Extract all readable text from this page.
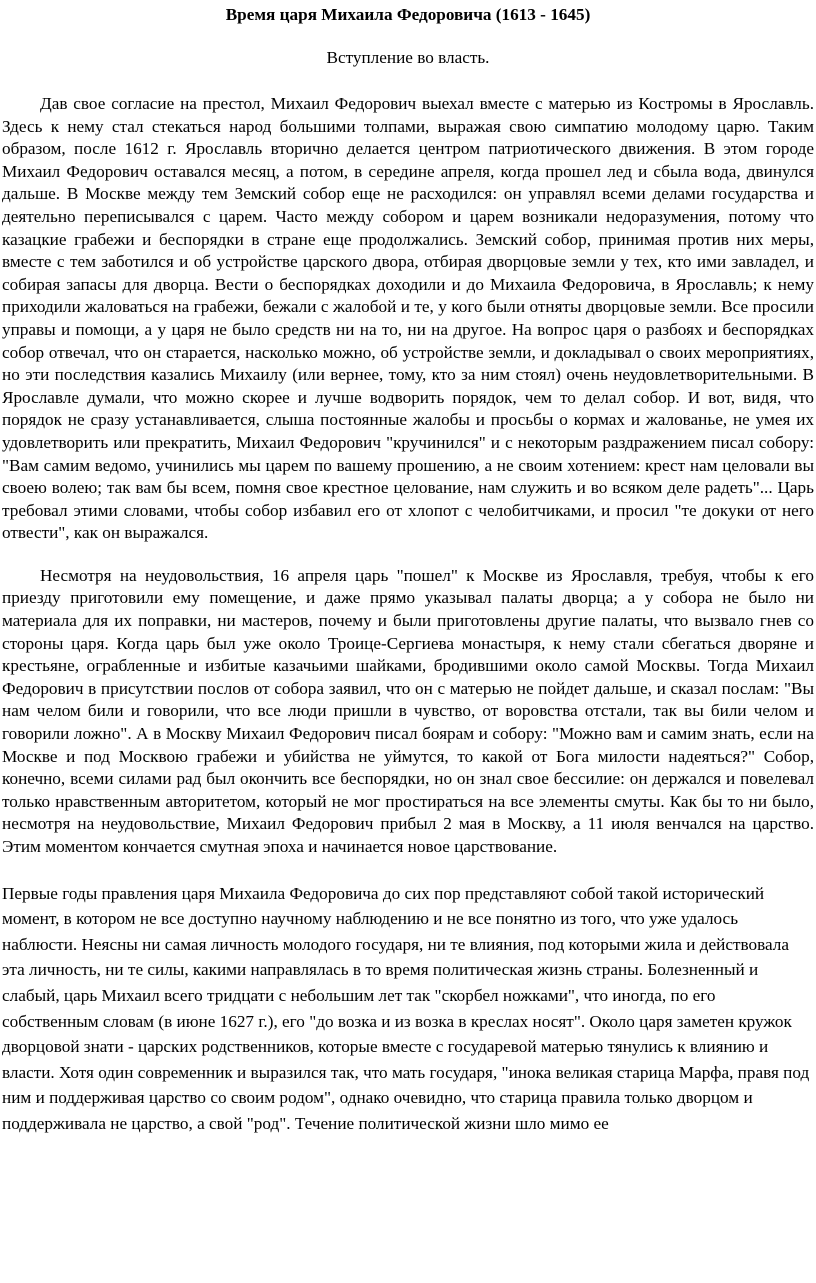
Время царя Михаила Федоровича (1613 - 1645)

Вступление во власть.

Дав свое согласие на престол, Михаил Федорович выехал вместе с матерью из Костромы в Ярославль. Здесь к нему стал стекаться народ большими толпами, выражая свою симпатию молодому царю. Таким образом, после 1612 г. Ярославль вторично делается центром патриотического движения. В этом городе Михаил Федорович оставался месяц, а потом, в середине апреля, когда прошел лед и сбыла вода, двинулся дальше. В Москве между тем Земский собор еще не расходился: он управлял всеми делами государства и деятельно переписывался с царем. Часто между собором и царем возникали недоразумения, потому что казацкие грабежи и беспорядки в стране еще продолжались. Земский собор, принимая против них меры, вместе с тем заботился и об устройстве царского двора, отбирая дворцовые земли у тех, кто ими завладел, и собирая запасы для дворца. Вести о беспорядках доходили и до Михаила Федоровича, в Ярославль; к нему приходили жаловаться на грабежи, бежали с жалобой и те, у кого были отняты дворцовые земли. Все просили управы и помощи, а у царя не было средств ни на то, ни на другое. На вопрос царя о разбоях и беспорядках собор отвечал, что он старается, насколько можно, об устройстве земли, и докладывал о своих мероприятиях, но эти последствия казались Михаилу (или вернее, тому, кто за ним стоял) очень неудовлетворительными. В Ярославле думали, что можно скорее и лучше водворить порядок, чем то делал собор. И вот, видя, что порядок не сразу устанавливается, слыша постоянные жалобы и просьбы о кормах и жалованье, не умея их удовлетворить или прекратить, Михаил Федорович "кручинился" и с некоторым раздражением писал собору: "Вам самим ведомо, учинились мы царем по вашему прошению, а не своим хотением: крест нам целовали вы своею волею; так вам бы всем, помня свое крестное целование, нам служить и во всяком деле радеть"... Царь требовал этими словами, чтобы собор избавил его от хлопот с челобитчиками, и просил "те докуки от него отвести", как он выражался.

Несмотря на неудовольствия, 16 апреля царь "пошел" к Москве из Ярославля, требуя, чтобы к его приезду приготовили ему помещение, и даже прямо указывал палаты дворца; а у собора не было ни материала для их поправки, ни мастеров, почему и были приготовлены другие палаты, что вызвало гнев со стороны царя. Когда царь был уже около Троице-Сергиева монастыря, к нему стали сбегаться дворяне и крестьяне, ограбленные и избитые казачьими шайками, бродившими около самой Москвы. Тогда Михаил Федорович в присутствии послов от собора заявил, что он с матерью не пойдет дальше, и сказал послам: "Вы нам челом били и говорили, что все люди пришли в чувство, от воровства отстали, так вы били челом и говорили ложно". А в Москву Михаил Федорович писал боярам и собору: "Можно вам и самим знать, если на Москве и под Москвою грабежи и убийства не уймутся, то какой от Бога милости надеяться?" Собор, конечно, всеми силами рад был окончить все беспорядки, но он знал свое бессилие: он держался и повелевал только нравственным авторитетом, который не мог простираться на все элементы смуты. Как бы то ни было, несмотря на неудовольствие, Михаил Федорович прибыл 2 мая в Москву, а 11 июля венчался на царство. Этим моментом кончается смутная эпоха и начинается новое царствование.

Первые годы правления царя Михаила Федоровича до сих пор представляют собой такой исторический момент, в котором не все доступно научному наблюдению и не все понятно из того, что уже удалось наблюсти. Неясны ни самая личность молодого государя, ни те влияния, под которыми жила и действовала эта личность, ни те силы, какими направлялась в то время политическая жизнь страны. Болезненный и слабый, царь Михаил всего тридцати с небольшим лет так "скорбел ножками", что иногда, по его собственным словам (в июне 1627 г.), его "до возка и из возка в креслах носят". Около царя заметен кружок дворцовой знати - царских родственников, которые вместе с государевой матерью тянулись к влиянию и власти. Хотя один современник и выразился так, что мать государя, "инока великая старица Марфа, правя под ним и поддерживая царство со своим родом", однако очевидно, что старица правила только дворцом и поддерживала не царство, а свой "род". Течение политической жизни шло мимо ее
